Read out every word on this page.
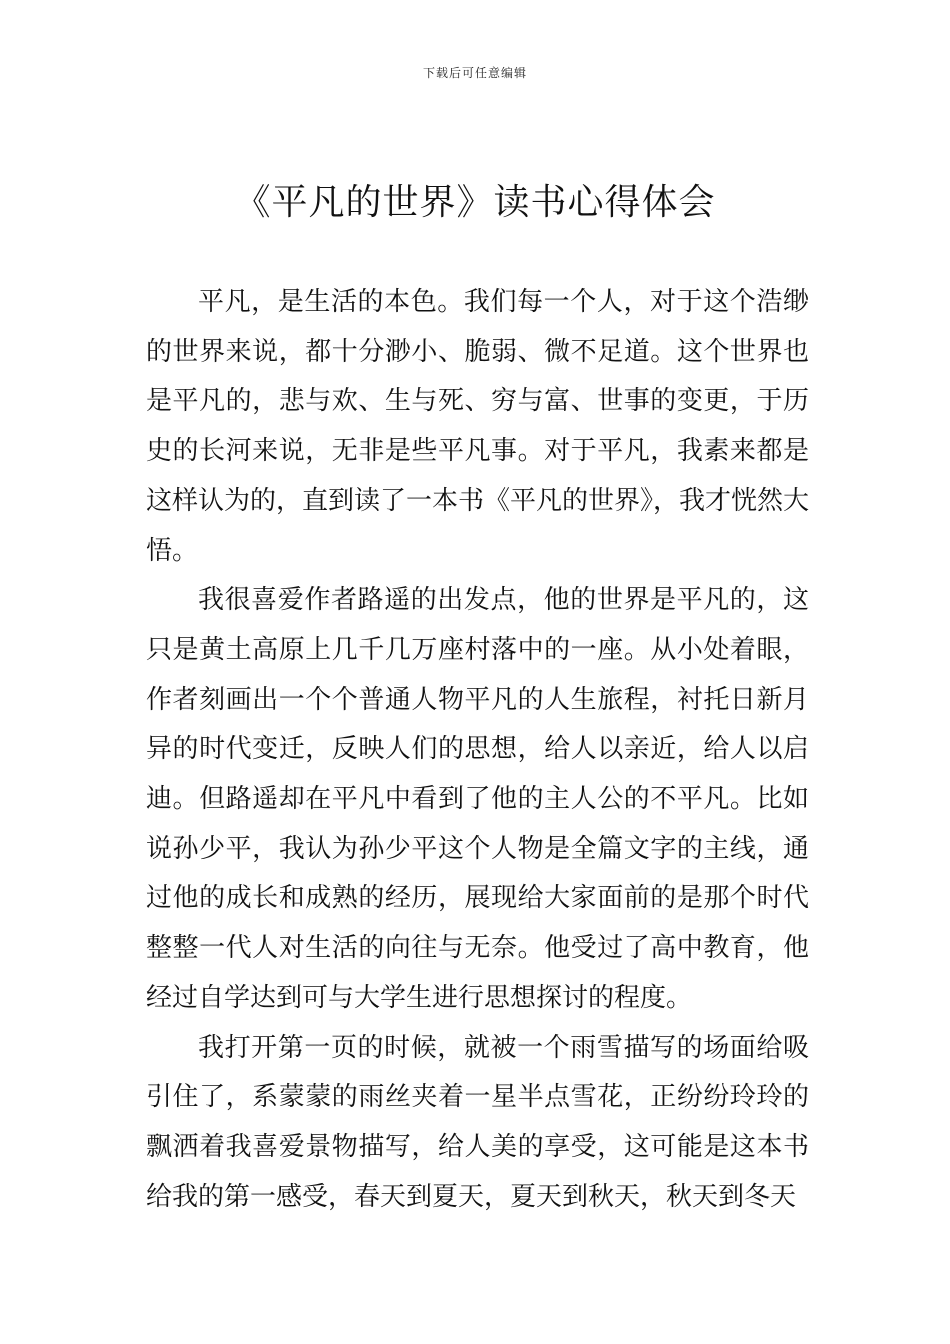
下载后可任意编辑
《平凡的世界》读书心得体会

平凡，是生活的本色。我们每一个人，对于这个浩缈的世界来说，都十分渺小、脆弱、微不足道。这个世界也是平凡的，悲与欢、生与死、穷与富、世事的变更，于历史的长河来说，无非是些平凡事。对于平凡，我素来都是这样认为的，直到读了一本书《平凡的世界》，我才恍然大悟。

我很喜爱作者路遥的出发点，他的世界是平凡的，这只是黄土高原上几千几万座村落中的一座。从小处着眼，作者刻画出一个个普通人物平凡的人生旅程，衬托日新月异的时代变迁，反映人们的思想，给人以亲近，给人以启迪。但路遥却在平凡中看到了他的主人公的不平凡。比如说孙少平，我认为孙少平这个人物是全篇文字的主线，通过他的成长和成熟的经历，展现给大家面前的是那个时代整整一代人对生活的向往与无奈。他受过了高中教育，他经过自学达到可与大学生进行思想探讨的程度。

我打开第一页的时候，就被一个雨雪描写的场面给吸引住了，系蒙蒙的雨丝夹着一星半点雪花，正纷纷玲玲的飘洒着我喜爱景物描写，给人美的享受，这可能是这本书给我的第一感受，春天到夏天，夏天到秋天，秋天到冬天
